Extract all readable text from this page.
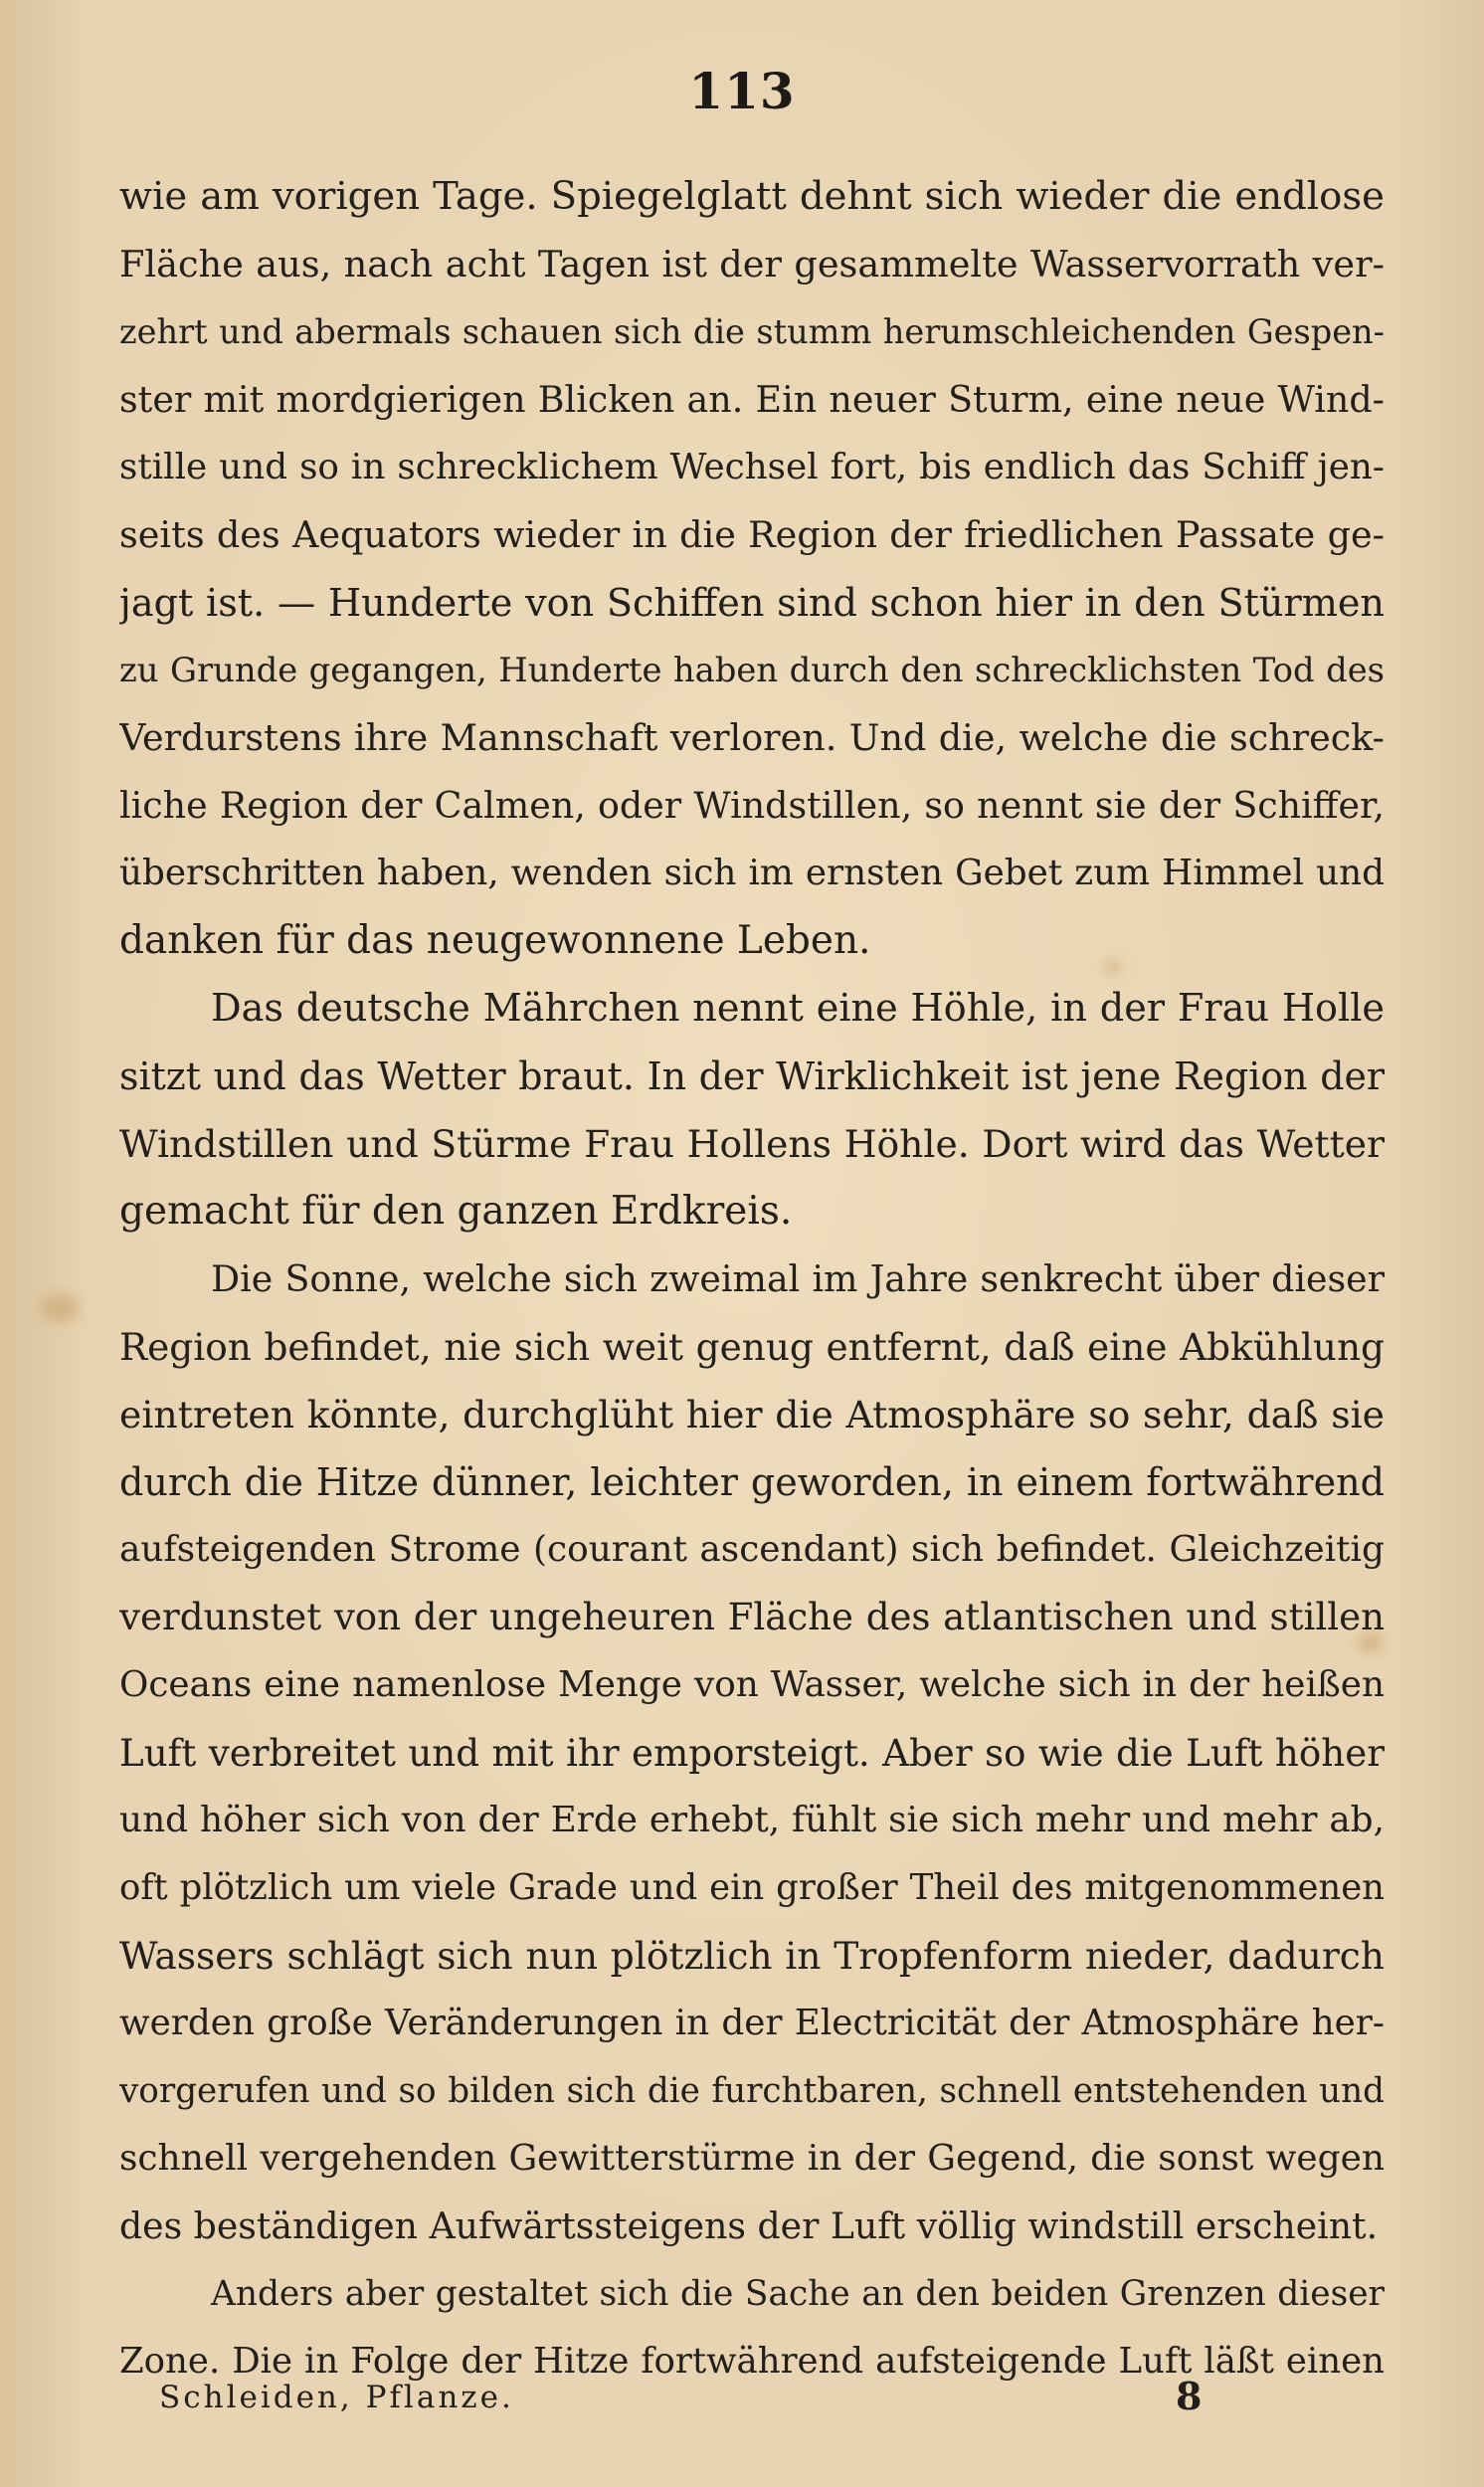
113
wie am vorigen Tage. Spiegelglatt dehnt sich wieder die endlose
Fläche aus, nach acht Tagen ist der gesammelte Wasservorrath ver-
zehrt und abermals schauen sich die stumm herumschleichenden Gespen-
ster mit mordgierigen Blicken an. Ein neuer Sturm, eine neue Wind-
stille und so in schrecklichem Wechsel fort, bis endlich das Schiff jen-
seits des Aequators wieder in die Region der friedlichen Passate ge-
jagt ist. — Hunderte von Schiffen sind schon hier in den Stürmen
zu Grunde gegangen, Hunderte haben durch den schrecklichsten Tod des
Verdurstens ihre Mannschaft verloren. Und die, welche die schreck-
liche Region der Calmen, oder Windstillen, so nennt sie der Schiffer,
überschritten haben, wenden sich im ernsten Gebet zum Himmel und
danken für das neugewonnene Leben.
Das deutsche Mährchen nennt eine Höhle, in der Frau Holle
sitzt und das Wetter braut. In der Wirklichkeit ist jene Region der
Windstillen und Stürme Frau Hollens Höhle. Dort wird das Wetter
gemacht für den ganzen Erdkreis.
Die Sonne, welche sich zweimal im Jahre senkrecht über dieser
Region befindet, nie sich weit genug entfernt, daß eine Abkühlung
eintreten könnte, durchglüht hier die Atmosphäre so sehr, daß sie
durch die Hitze dünner, leichter geworden, in einem fortwährend
aufsteigenden Strome (courant ascendant) sich befindet. Gleichzeitig
verdunstet von der ungeheuren Fläche des atlantischen und stillen
Oceans eine namenlose Menge von Wasser, welche sich in der heißen
Luft verbreitet und mit ihr emporsteigt. Aber so wie die Luft höher
und höher sich von der Erde erhebt, fühlt sie sich mehr und mehr ab,
oft plötzlich um viele Grade und ein großer Theil des mitgenommenen
Wassers schlägt sich nun plötzlich in Tropfenform nieder, dadurch
werden große Veränderungen in der Electricität der Atmosphäre her-
vorgerufen und so bilden sich die furchtbaren, schnell entstehenden und
schnell vergehenden Gewitterstürme in der Gegend, die sonst wegen
des beständigen Aufwärtssteigens der Luft völlig windstill erscheint.
Anders aber gestaltet sich die Sache an den beiden Grenzen dieser
Zone. Die in Folge der Hitze fortwährend aufsteigende Luft läßt einen
Schleiden, Pflanze.	8
